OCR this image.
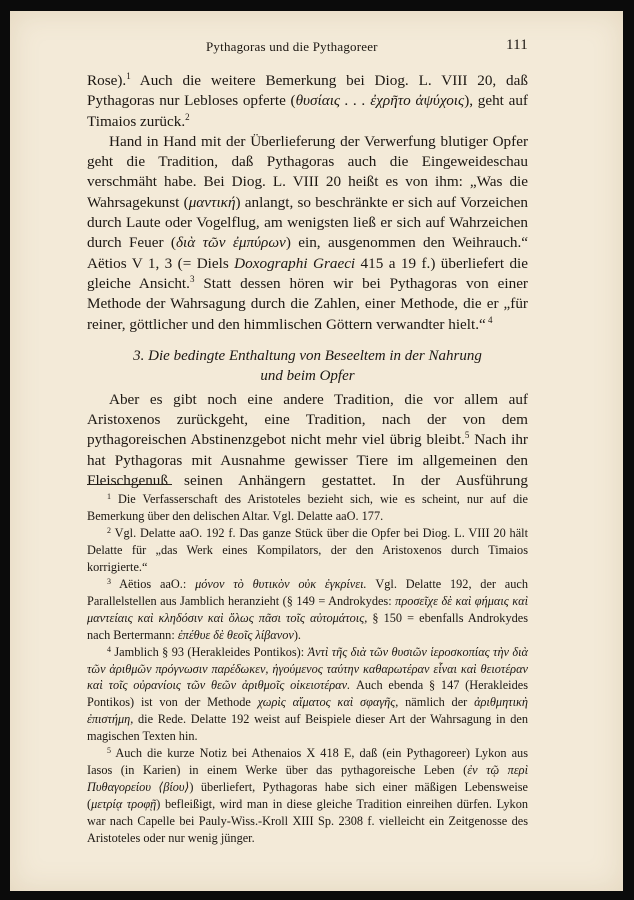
Pythagoras und die Pythagoreer	111

Rose).$^1$ Auch die weitere Bemerkung bei Diog. L. VIII 20, daß Pythagoras nur Lebloses opferte (θυσίαις . . . ἐχρῆτο ἀψύχοις), geht auf Timaios zurück.$^2$

Hand in Hand mit der Überlieferung der Verwerfung blutiger Opfer geht die Tradition, daß Pythagoras auch die Eingeweideschau verschmäht habe. Bei Diog. L. VIII 20 heißt es von ihm: „Was die Wahrsagekunst (μαντική) anlangt, so beschränkte er sich auf Vorzeichen durch Laute oder Vogelflug, am wenigsten ließ er sich auf Wahrzeichen durch Feuer (διὰ τῶν ἐμπύρων) ein, ausgenommen den Weihrauch.“ Aëtios V 1, 3 (= Diels Doxographi Graeci 415 a 19 f.) überliefert die gleiche Ansicht.$^3$ Statt dessen hören wir bei Pythagoras von einer Methode der Wahrsagung durch die Zahlen, einer Methode, die er „für reiner, göttlicher und den himmlischen Göttern verwandter hielt.“ $^4$

3. Die bedingte Enthaltung von Beseeltem in der Nahrung
und beim Opfer

Aber es gibt noch eine andere Tradition, die vor allem auf Aristoxenos zurückgeht, eine Tradition, nach der von dem pythagoreischen Abstinenzgebot nicht mehr viel übrig bleibt.$^5$ Nach ihr hat Pythagoras mit Ausnahme gewisser Tiere im allgemeinen den Fleischgenuß seinen Anhängern gestattet. In der Ausführung

$^1$ Die Verfasserschaft des Aristoteles bezieht sich, wie es scheint, nur auf die Bemerkung über den delischen Altar. Vgl. Delatte aaO. 177.

$^2$ Vgl. Delatte aaO. 192 f. Das ganze Stück über die Opfer bei Diog. L. VIII 20 hält Delatte für „das Werk eines Kompilators, der den Aristoxenos durch Timaios korrigierte.“

$^3$ Aëtios aaO.: μόνον τὸ θυτικὸν οὐκ ἐγκρίνει. Vgl. Delatte 192, der auch Parallelstellen aus Jamblich heranzieht (§ 149 = Androkydes: προσεῖχε δὲ καὶ φήμαις καὶ μαντείαις καὶ κληδόσιν καὶ ὅλως πᾶσι τοῖς αὐτομάτοις, § 150 = ebenfalls Androkydes nach Bertermann: ἐπέθυε δὲ θεοῖς λίβανον).

$^4$ Jamblich § 93 (Herakleides Pontikos): Ἀντὶ τῆς διὰ τῶν θυσιῶν ἱεροσκοπίας τὴν διὰ τῶν ἀριθμῶν πρόγνωσιν παρέδωκεν, ἡγούμενος ταύτην καθαρωτέραν εἶναι καὶ θειοτέραν καὶ τοῖς οὐρανίοις τῶν θεῶν ἀριθμοῖς οἰκειοτέραν. Auch ebenda § 147 (Herakleides Pontikos) ist von der Methode χωρὶς αἵματος καὶ σφαγῆς, nämlich der ἀριθμητικὴ ἐπιστήμη, die Rede. Delatte 192 weist auf Beispiele dieser Art der Wahrsagung in den magischen Texten hin.

$^5$ Auch die kurze Notiz bei Athenaios X 418 E, daß (ein Pythagoreer) Lykon aus Iasos (in Karien) in einem Werke über das pythagoreische Leben (ἐν τῷ περὶ Πυθαγορείου ⟨βίου⟩) überliefert, Pythagoras habe sich einer mäßigen Lebensweise (μετρίᾳ τροφῇ) befleißigt, wird man in diese gleiche Tradition einreihen dürfen. Lykon war nach Capelle bei Pauly-Wiss.-Kroll XIII Sp. 2308 f. vielleicht ein Zeitgenosse des Aristoteles oder nur wenig jünger.
